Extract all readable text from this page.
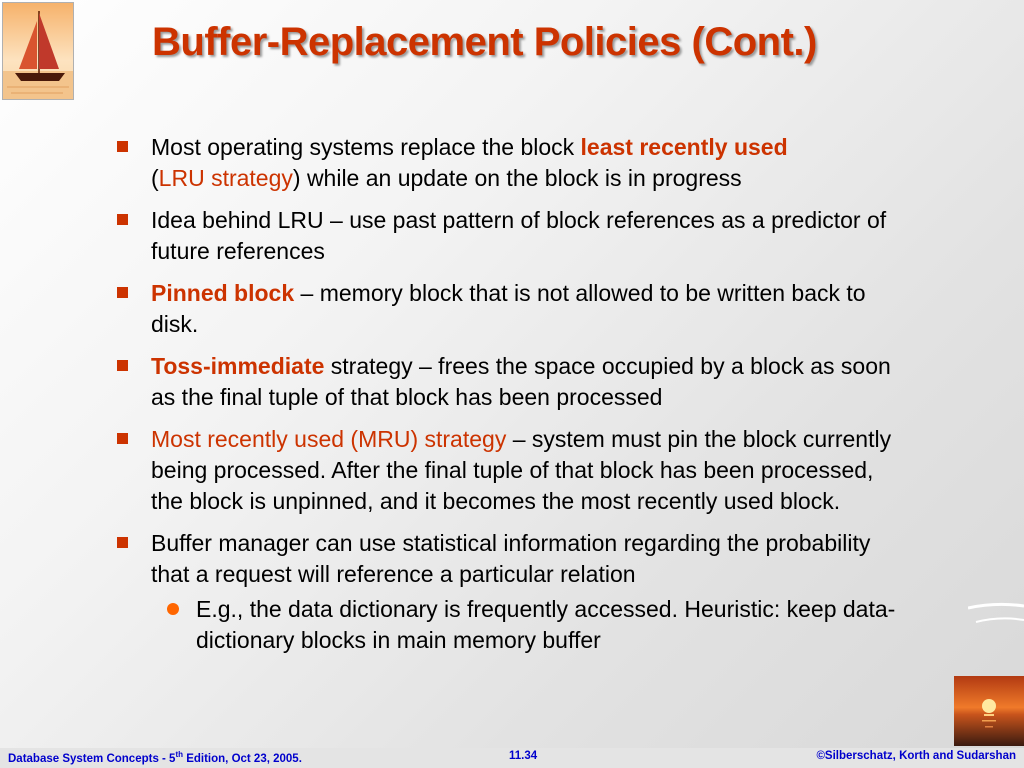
Buffer-Replacement Policies (Cont.)
Most operating systems replace the block least recently used
(LRU strategy) while an update on the block is in progress
Idea behind LRU – use past pattern of block references as a predictor of future references
Pinned block – memory block that is not allowed to be written back to disk.
Toss-immediate strategy – frees the space occupied by a block as soon as the final tuple of that block has been processed
Most recently used (MRU) strategy – system must pin the block currently being processed. After the final tuple of that block has been processed, the block is unpinned, and it becomes the most recently used block.
Buffer manager can use statistical information regarding the probability that a request will reference a particular relation
E.g., the data dictionary is frequently accessed. Heuristic: keep data-dictionary blocks in main memory buffer
Database System Concepts - 5th Edition, Oct 23, 2005.	11.34	©Silberschatz, Korth and Sudarshan
